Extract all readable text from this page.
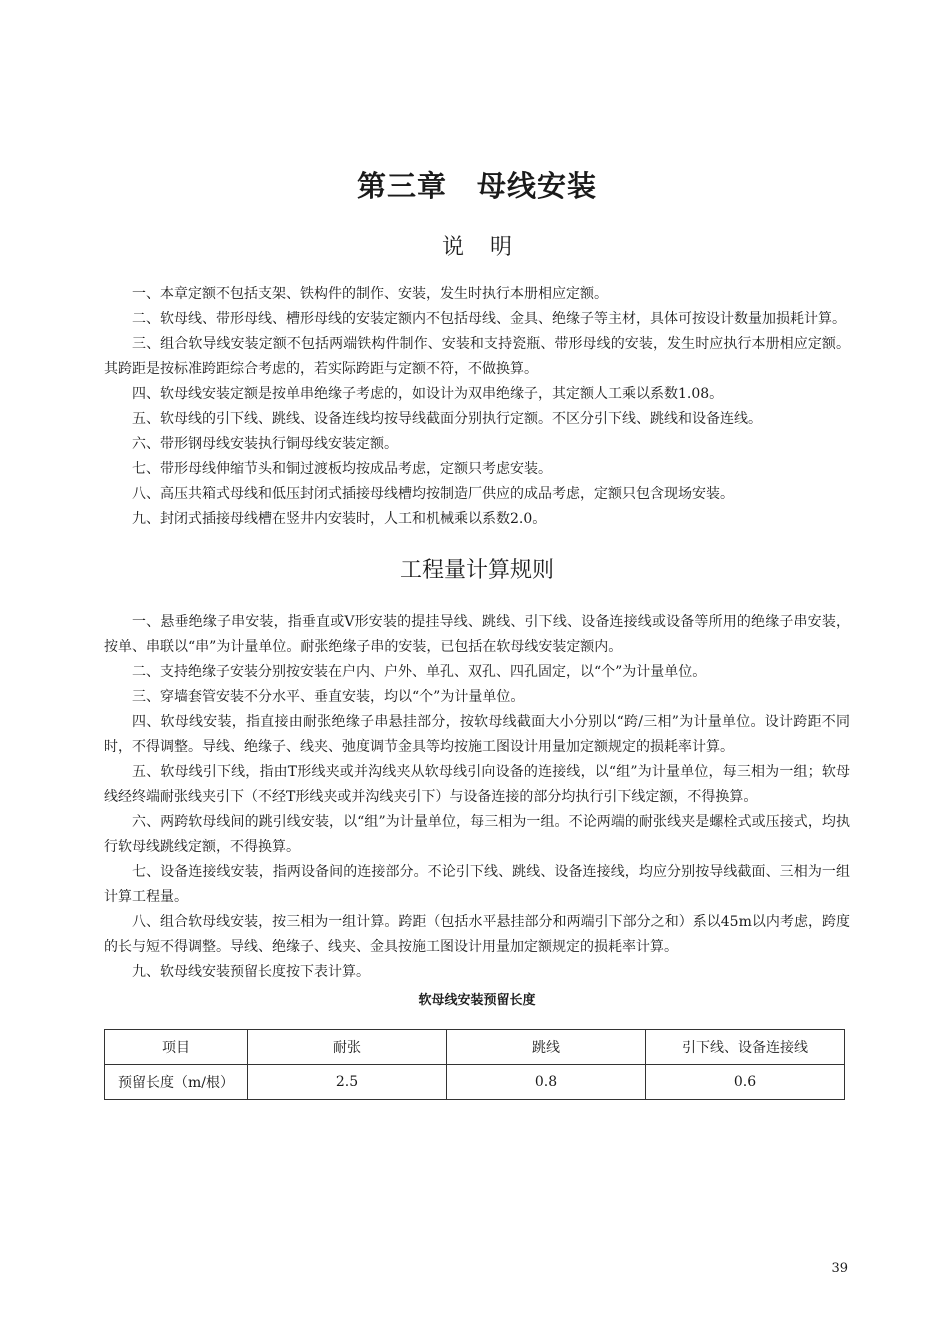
第三章 母线安装
说明

一、本章定额不包括支架、铁构件的制作、安装，发生时执行本册相应定额。

二、软母线、带形母线、槽形母线的安装定额内不包括母线、金具、绝缘子等主材，具体可按设计数量加损耗计算。

三、组合软导线安装定额不包括两端铁构件制作、安装和支持瓷瓶、带形母线的安装，发生时应执行本册相应定额。其跨距是按标准跨距综合考虑的，若实际跨距与定额不符，不做换算。

四、软母线安装定额是按单串绝缘子考虑的，如设计为双串绝缘子，其定额人工乘以系数1.08。

五、软母线的引下线、跳线、设备连线均按导线截面分别执行定额。不区分引下线、跳线和设备连线。

六、带形钢母线安装执行铜母线安装定额。

七、带形母线伸缩节头和铜过渡板均按成品考虑，定额只考虑安装。

八、高压共箱式母线和低压封闭式插接母线槽均按制造厂供应的成品考虑，定额只包含现场安装。

九、封闭式插接母线槽在竖井内安装时，人工和机械乘以系数2.0。

工程量计算规则

一、悬垂绝缘子串安装，指垂直或V形安装的提挂导线、跳线、引下线、设备连接线或设备等所用的绝缘子串安装，按单、串联以“串”为计量单位。耐张绝缘子串的安装，已包括在软母线安装定额内。

二、支持绝缘子安装分别按安装在户内、户外、单孔、双孔、四孔固定，以“个”为计量单位。

三、穿墙套管安装不分水平、垂直安装，均以“个”为计量单位。

四、软母线安装，指直接由耐张绝缘子串悬挂部分，按软母线截面大小分别以“跨/三相”为计量单位。设计跨距不同时，不得调整。导线、绝缘子、线夹、弛度调节金具等均按施工图设计用量加定额规定的损耗率计算。

五、软母线引下线，指由T形线夹或并沟线夹从软母线引向设备的连接线，以“组”为计量单位，每三相为一组；软母线经终端耐张线夹引下（不经T形线夹或并沟线夹引下）与设备连接的部分均执行引下线定额，不得换算。

六、两跨软母线间的跳引线安装，以“组”为计量单位，每三相为一组。不论两端的耐张线夹是螺栓式或压接式，均执行软母线跳线定额，不得换算。

七、设备连接线安装，指两设备间的连接部分。不论引下线、跳线、设备连接线，均应分别按导线截面、三相为一组计算工程量。

八、组合软母线安装，按三相为一组计算。跨距（包括水平悬挂部分和两端引下部分之和）系以45m以内考虑，跨度的长与短不得调整。导线、绝缘子、线夹、金具按施工图设计用量加定额规定的损耗率计算。

九、软母线安装预留长度按下表计算。

软母线安装预留长度
项目	耐张	跳线	引下线、设备连接线
预留长度（m/根）	2.5	0.8	0.6
39
